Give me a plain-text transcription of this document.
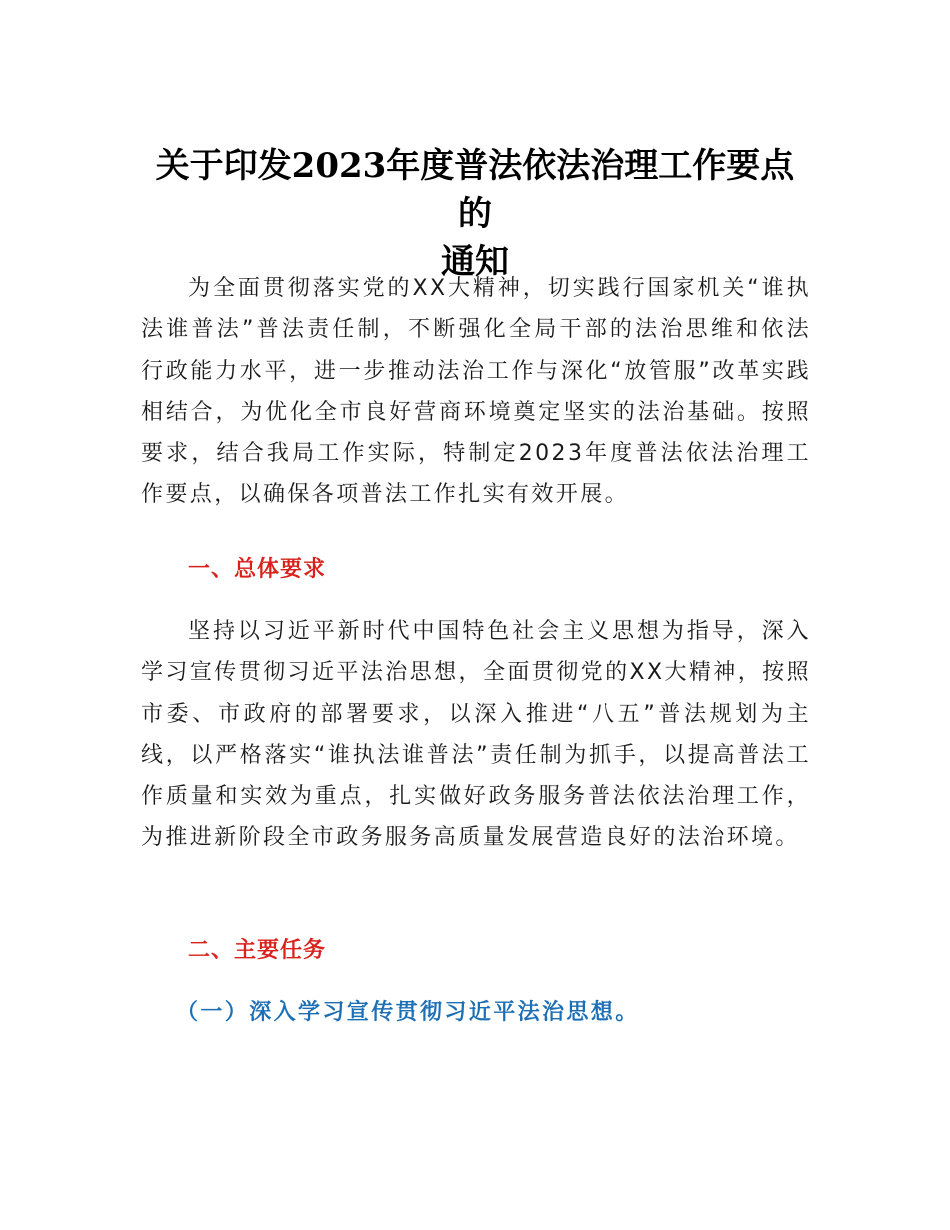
关于印发2023年度普法依法治理工作要点的
通知

为全面贯彻落实党的XX大精神，切实践行国家机关“谁执法谁普法”普法责任制，不断强化全局干部的法治思维和依法行政能力水平，进一步推动法治工作与深化“放管服”改革实践相结合，为优化全市良好营商环境奠定坚实的法治基础。按照要求，结合我局工作实际，特制定2023年度普法依法治理工作要点，以确保各项普法工作扎实有效开展。

一、总体要求

坚持以习近平新时代中国特色社会主义思想为指导，深入学习宣传贯彻习近平法治思想，全面贯彻党的XX大精神，按照市委、市政府的部署要求，以深入推进“八五”普法规划为主线，以严格落实“谁执法谁普法”责任制为抓手，以提高普法工作质量和实效为重点，扎实做好政务服务普法依法治理工作，为推进新阶段全市政务服务高质量发展营造良好的法治环境。

二、主要任务
（一）深入学习宣传贯彻习近平法治思想。
